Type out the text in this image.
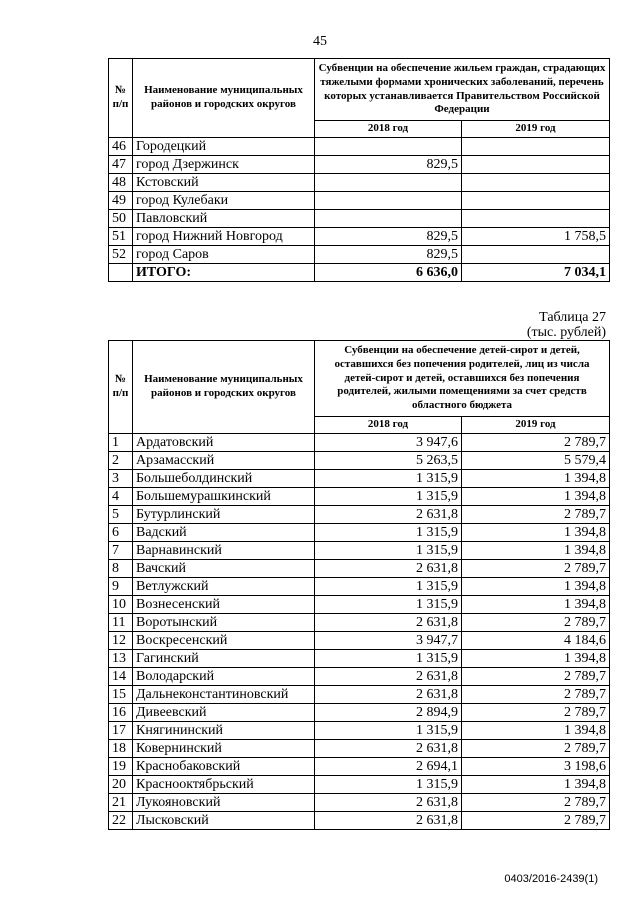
45
№
п/п	Наименование муниципальных районов и городских округов	Субвенции на обеспечение жильем граждан, страдающих тяжелыми формами хронических заболеваний, перечень которых устанавливается Правительством Российской Федерации	
		2018 год	2019 год
46	Городецкий		
47	город Дзержинск	829,5	
48	Кстовский		
49	город Кулебаки		
50	Павловский		
51	город Нижний Новгород	829,5	1 758,5
52	город Саров	829,5	
	ИТОГО:	6 636,0	7 034,1
Таблица 27
(тыс. рублей)
№
п/п	Наименование муниципальных районов и городских округов	Субвенции на обеспечение детей-сирот и детей, оставшихся без попечения родителей, лиц из числа детей-сирот и детей, оставшихся без попечения родителей, жилыми помещениями за счет средств областного бюджета	
		2018 год	2019 год
1	Ардатовский	3 947,6	2 789,7
2	Арзамасский	5 263,5	5 579,4
3	Большеболдинский	1 315,9	1 394,8
4	Большемурашкинский	1 315,9	1 394,8
5	Бутурлинский	2 631,8	2 789,7
6	Вадский	1 315,9	1 394,8
7	Варнавинский	1 315,9	1 394,8
8	Вачский	2 631,8	2 789,7
9	Ветлужский	1 315,9	1 394,8
10	Вознесенский	1 315,9	1 394,8
11	Воротынский	2 631,8	2 789,7
12	Воскресенский	3 947,7	4 184,6
13	Гагинский	1 315,9	1 394,8
14	Володарский	2 631,8	2 789,7
15	Дальнеконстантиновский	2 631,8	2 789,7
16	Дивеевский	2 894,9	2 789,7
17	Княгининский	1 315,9	1 394,8
18	Ковернинский	2 631,8	2 789,7
19	Краснобаковский	2 694,1	3 198,6
20	Краснооктябрьский	1 315,9	1 394,8
21	Лукояновский	2 631,8	2 789,7
22	Лысковский	2 631,8	2 789,7
0403/2016-2439(1)
